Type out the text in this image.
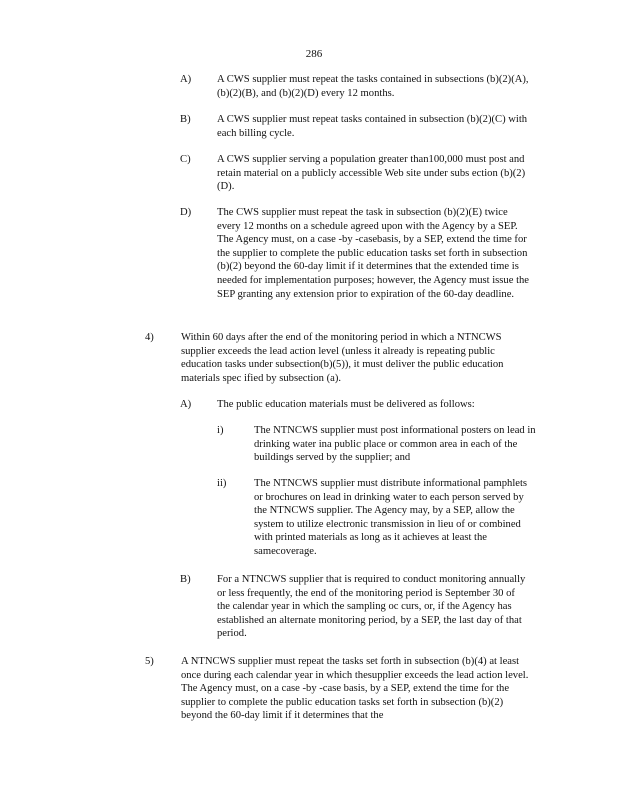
286
A) A CWS supplier must repeat the tasks contained in subsections (b)(2)(A), (b)(2)(B), and (b)(2)(D) every 12 months.
B) A CWS supplier must repeat tasks contained in subsection (b)(2)(C) with each billing cycle.
C) A CWS supplier serving a population greater than100,000 must post and retain material on a publicly accessible Web site under subs ection (b)(2)(D).
D) The CWS supplier must repeat the task in subsection (b)(2)(E) twice every 12 months on a schedule agreed upon with the Agency by a SEP. The Agency must, on a case -by -casebasis, by a SEP, extend the time for the supplier to complete the public education tasks set forth in subsection (b)(2) beyond the 60-day limit if it determines that the extended time is needed for implementation purposes; however, the Agency must issue the SEP granting any extension prior to expiration of the 60-day deadline.
4)	Within 60 days after the end of the monitoring period in which a NTNCWS supplier exceeds the lead action level (unless it already is repeating public education tasks under subsection(b)(5)), it must deliver the public education materials spec ified by subsection (a).
A) The public education materials must be delivered as follows:
i)	The NTNCWS supplier must post informational posters on lead in drinking water ina public place or common area in each of the buildings served by the supplier; and
ii)	The NTNCWS supplier must distribute informational pamphlets or brochures on lead in drinking water to each person served by the NTNCWS supplier. The Agency may, by a SEP, allow the system to utilize electronic transmission in lieu of or combined with printed materials as long as it achieves at least the samecoverage.
B) For a NTNCWS supplier that is required to conduct monitoring annually or less frequently, the end of the monitoring period is September 30 of the calendar year in which the sampling oc curs, or, if the Agency has established an alternate monitoring period, by a SEP, the last day of that period.
5)	A NTNCWS supplier must repeat the tasks set forth in subsection (b)(4) at least once during each calendar year in which thesupplier exceeds the lead action level. The Agency must, on a case -by -case basis, by a SEP, extend the time for the supplier to complete the public education tasks set forth in subsection (b)(2) beyond the 60-day limit if it determines that the
